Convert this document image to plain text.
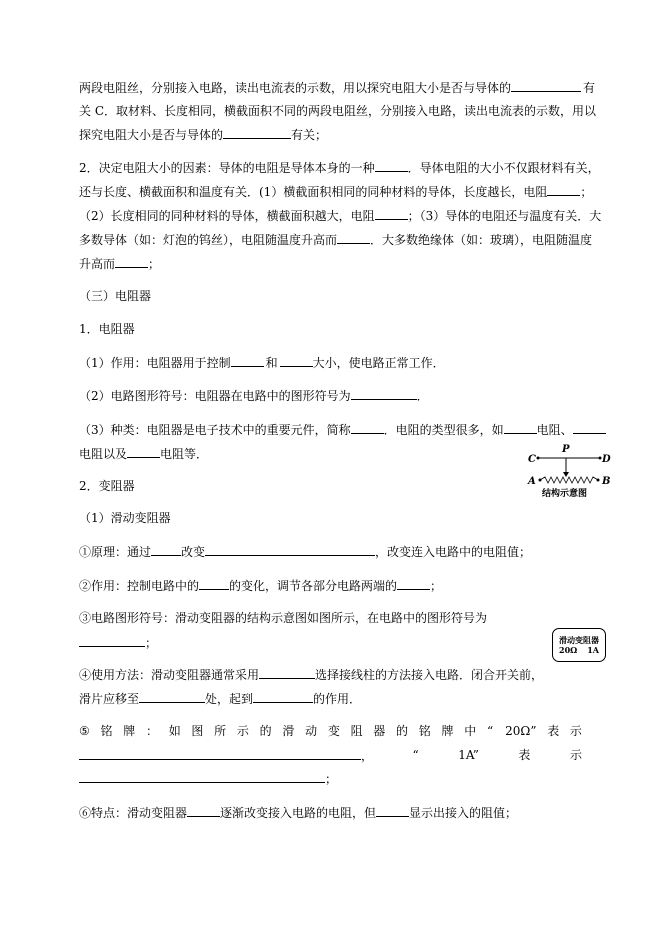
两段电阻丝，分别接入电路，读出电流表的示数，用以探究电阻大小是否与导体的	有
关 C．取材料、长度相同，横截面积不同的两段电阻丝，分别接入电路，读出电流表的示数，用以
探究电阻大小是否与导体的	有关；
2．决定电阻大小的因素：导体的电阻是导体本身的一种	．导体电阻的大小不仅跟材料有关，
还与长度、横截面积和温度有关．(1）横截面积相同的同种材料的导体，长度越长，电阻	；
（2）长度相同的同种材料的导体，横截面积越大，电阻	；（3）导体的电阻还与温度有关．大
多数导体（如：灯泡的钨丝），电阻随温度升高而	．大多数绝缘体（如：玻璃），电阻随温度
升高而	；
（三）电阻器
1．电阻器
（1）作用：电阻器用于控制	和	大小，使电路正常工作．
（2）电路图形符号：电阻器在电路中的图形符号为	．
（3）种类：电阻器是电子技术中的重要元件，简称	．电阻的类型很多，如	电阻、
电阻以及	电阻等．	C
P
D
A	B
结构示意图
2．变阻器
（1）滑动变阻器
①原理：通过	改变	，改变连入电路中的电阻值；
②作用：控制电路中的	的变化，调节各部分电路两端的	；
③电路图形符号：滑动变阻器的结构示意图如图所示，在电路中的图形符号为
；	滑动变阻器
20Ω 1A
④使用方法：滑动变阻器通常采用	选择接线柱的方法接入电路．闭合开关前，
滑片应移至	处，起到	的作用．
⑤ 铭 牌 ： 如 图 所 示 的 滑 动 变 阻 器 的 铭 牌 中 “　20Ω” 表 示
，	“	1A”	表	示
；
⑥特点：滑动变阻器	逐渐改变接入电路的电阻，但	显示出接入的阻值；
